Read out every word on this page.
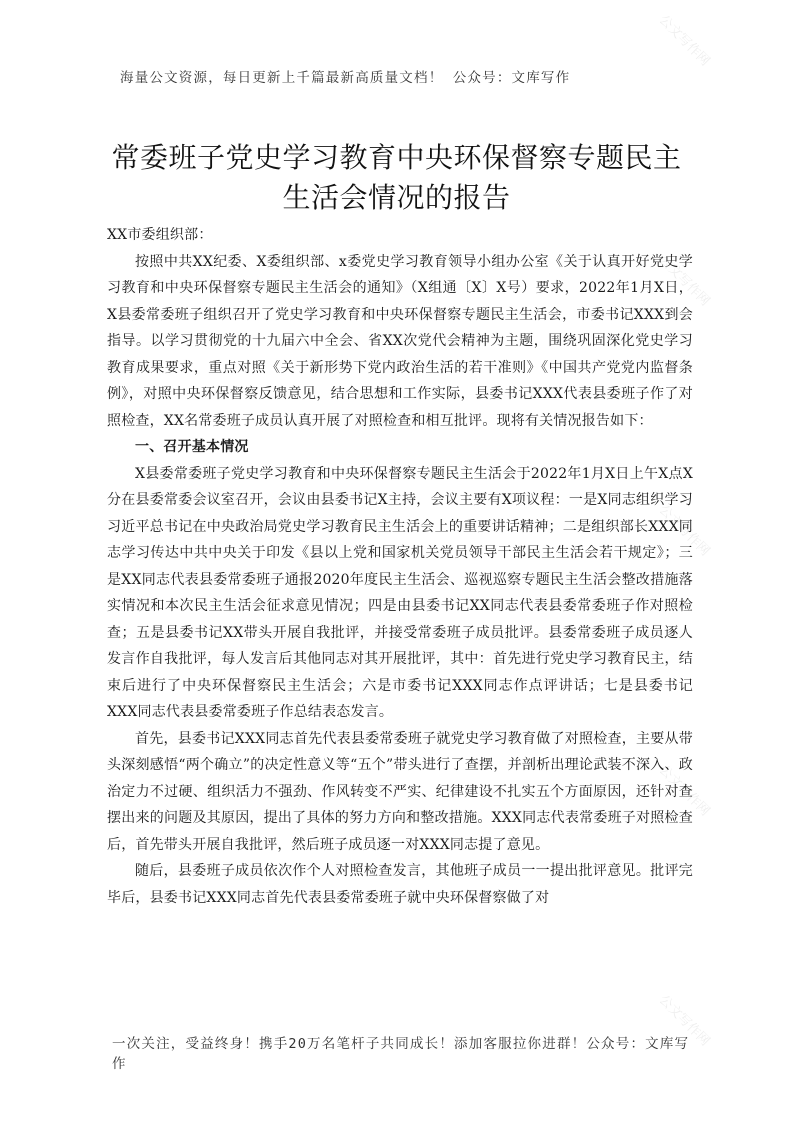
海量公文资源，每日更新上千篇最新高质量文档！ 公众号：文库写作
常委班子党史学习教育中央环保督察专题民主
生活会情况的报告

XX市委组织部：

按照中共XX纪委、X委组织部、x委党史学习教育领导小组办公室《关于认真开好党史学习教育和中央环保督察专题民主生活会的通知》（X组通〔X〕X号）要求，2022年1月X日，X县委常委班子组织召开了党史学习教育和中央环保督察专题民主生活会，市委书记XXX到会指导。以学习贯彻党的十九届六中全会、省XX次党代会精神为主题，围绕巩固深化党史学习教育成果要求，重点对照《关于新形势下党内政治生活的若干准则》《中国共产党党内监督条例》，对照中央环保督察反馈意见，结合思想和工作实际，县委书记XXX代表县委班子作了对照检查，XX名常委班子成员认真开展了对照检查和相互批评。现将有关情况报告如下：

一、召开基本情况

X县委常委班子党史学习教育和中央环保督察专题民主生活会于2022年1月X日上午X点X分在县委常委会议室召开，会议由县委书记X主持，会议主要有X项议程：一是X同志组织学习习近平总书记在中央政治局党史学习教育民主生活会上的重要讲话精神；二是组织部长XXX同志学习传达中共中央关于印发《县以上党和国家机关党员领导干部民主生活会若干规定》；三是XX同志代表县委常委班子通报2020年度民主生活会、巡视巡察专题民主生活会整改措施落实情况和本次民主生活会征求意见情况；四是由县委书记XX同志代表县委常委班子作对照检查；五是县委书记XX带头开展自我批评，并接受常委班子成员批评。县委常委班子成员逐人发言作自我批评，每人发言后其他同志对其开展批评，其中：首先进行党史学习教育民主，结束后进行了中央环保督察民主生活会；六是市委书记XXX同志作点评讲话；七是县委书记XXX同志代表县委常委班子作总结表态发言。

首先，县委书记XXX同志首先代表县委常委班子就党史学习教育做了对照检查，主要从带头深刻感悟“两个确立”的决定性意义等“五个”带头进行了查摆，并剖析出理论武装不深入、政治定力不过硬、组织活力不强劲、作风转变不严实、纪律建设不扎实五个方面原因，还针对查摆出来的问题及其原因，提出了具体的努力方向和整改措施。XXX同志代表常委班子对照检查后，首先带头开展自我批评，然后班子成员逐一对XXX同志提了意见。

随后，县委班子成员依次作个人对照检查发言，其他班子成员一一提出批评意见。批评完毕后，县委书记XXX同志首先代表县委常委班子就中央环保督察做了对

一次关注，受益终身！携手20万名笔杆子共同成长！添加客服拉你进群！公众号：文库写作
公文写作网
公文写作网
公文写作网
公文写作网
公文写作网
